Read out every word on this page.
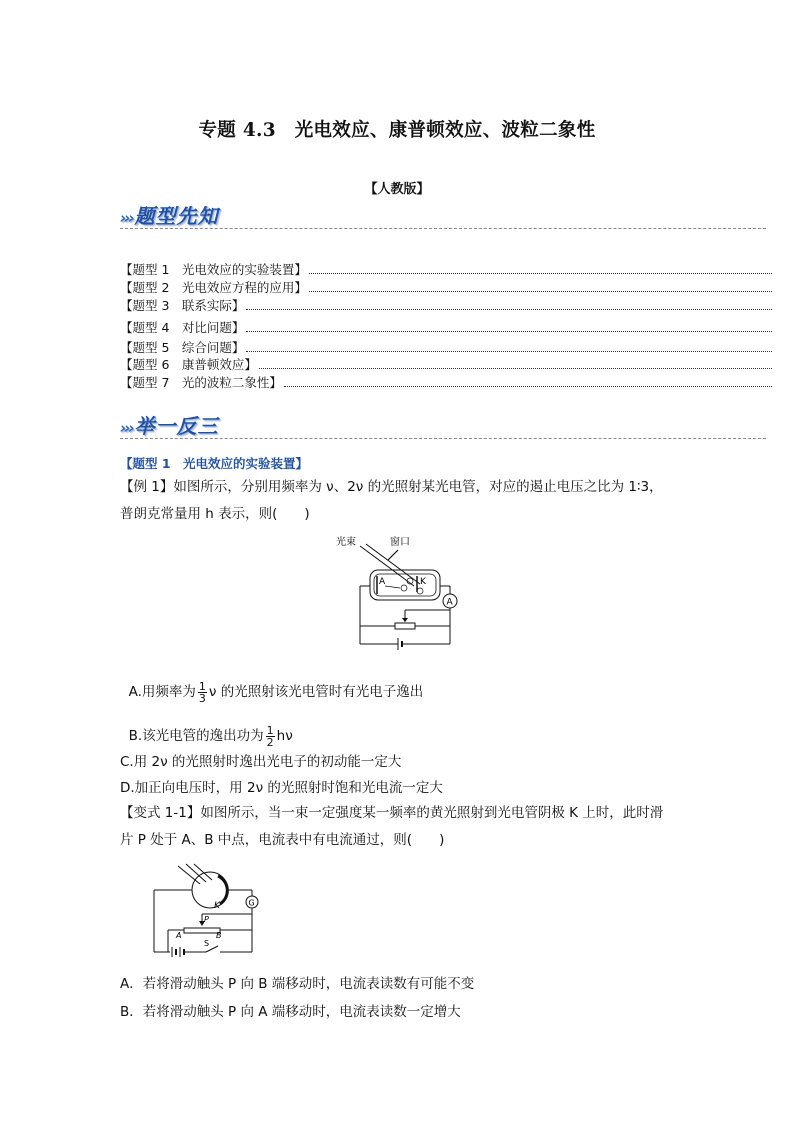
专题 4.3　光电效应、康普顿效应、波粒二象性
【人教版】
››› 题型先知
【题型 1　光电效应的实验装置】
【题型 2　光电效应方程的应用】
【题型 3　联系实际】
【题型 4　对比问题】
【题型 5　综合问题】
【题型 6　康普顿效应】
【题型 7　光的波粒二象性】
››› 举一反三
【题型 1　光电效应的实验装置】
【例 1】如图所示，分别用频率为 ν、2ν 的光照射某光电管，对应的遏止电压之比为 1∶3，
普朗克常量用 h 表示，则(　　)
光束	窗口
A	K
A

A.用频率为 $\frac{1}{3}$ ν 的光照射该光电管时有光电子逸出

B.该光电管的逸出功为 $\frac{1}{2}$ hν

C.用 2ν 的光照射时逸出光电子的初动能一定大
D.加正向电压时，用 2ν 的光照射时饱和光电流一定大
【变式 1-1】如图所示，当一束一定强度某一频率的黄光照射到光电管阴极 K 上时，此时滑
片 P 处于 A、B 中点，电流表中有电流通过，则(　　)
K	G
P
A	B
S
A．若将滑动触头 P 向 B 端移动时，电流表读数有可能不变
B．若将滑动触头 P 向 A 端移动时，电流表读数一定增大
